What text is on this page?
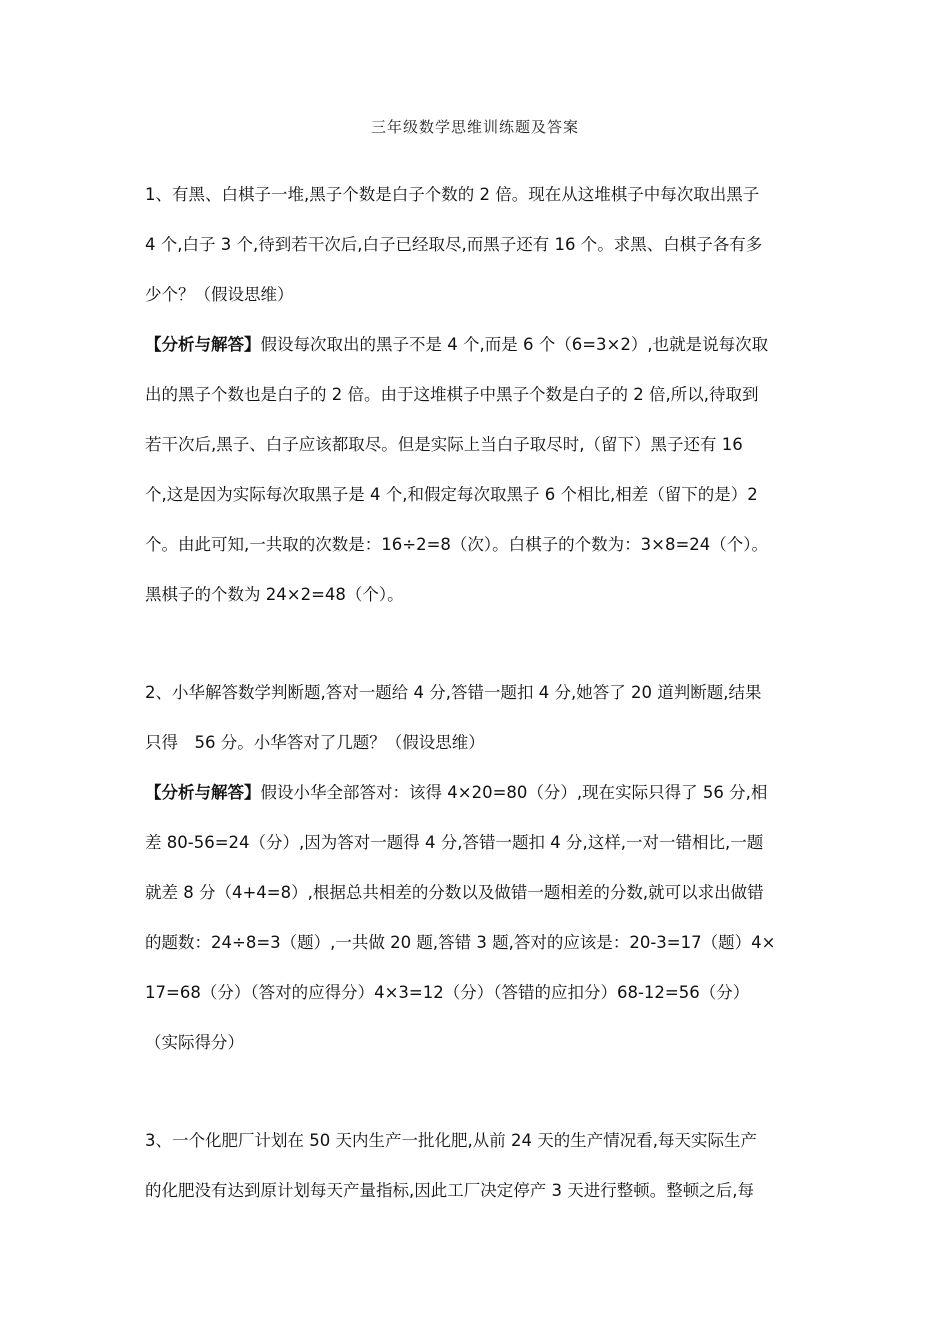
三年级数学思维训练题及答案

1、有黑、白棋子一堆,黑子个数是白子个数的 2 倍。现在从这堆棋子中每次取出黑子

4 个,白子 3 个,待到若干次后,白子已经取尽,而黑子还有 16 个。求黑、白棋子各有多

少个？（假设思维）

【分析与解答】假设每次取出的黑子不是 4 个,而是 6 个（6=3×2）,也就是说每次取

出的黑子个数也是白子的 2 倍。由于这堆棋子中黑子个数是白子的 2 倍,所以,待取到

若干次后,黑子、白子应该都取尽。但是实际上当白子取尽时,（留下）黑子还有 16

个,这是因为实际每次取黑子是 4 个,和假定每次取黑子 6 个相比,相差（留下的是）2

个。由此可知,一共取的次数是：16÷2=8（次）。白棋子的个数为：3×8=24（个）。

黑棋子的个数为 24×2=48（个）。

2、小华解答数学判断题,答对一题给 4 分,答错一题扣 4 分,她答了 20 道判断题,结果

只得　56 分。小华答对了几题？（假设思维）

【分析与解答】假设小华全部答对：该得 4×20=80（分）,现在实际只得了 56 分,相

差 80-56=24（分）,因为答对一题得 4 分,答错一题扣 4 分,这样,一对一错相比,一题

就差 8 分（4+4=8）,根据总共相差的分数以及做错一题相差的分数,就可以求出做错

的题数：24÷8=3（题）,一共做 20 题,答错 3 题,答对的应该是：20-3=17（题）4×

17=68（分）（答对的应得分）4×3=12（分）（答错的应扣分）68-12=56（分）

（实际得分）

3、一个化肥厂计划在 50 天内生产一批化肥,从前 24 天的生产情况看,每天实际生产

的化肥没有达到原计划每天产量指标,因此工厂决定停产 3 天进行整顿。整顿之后,每
